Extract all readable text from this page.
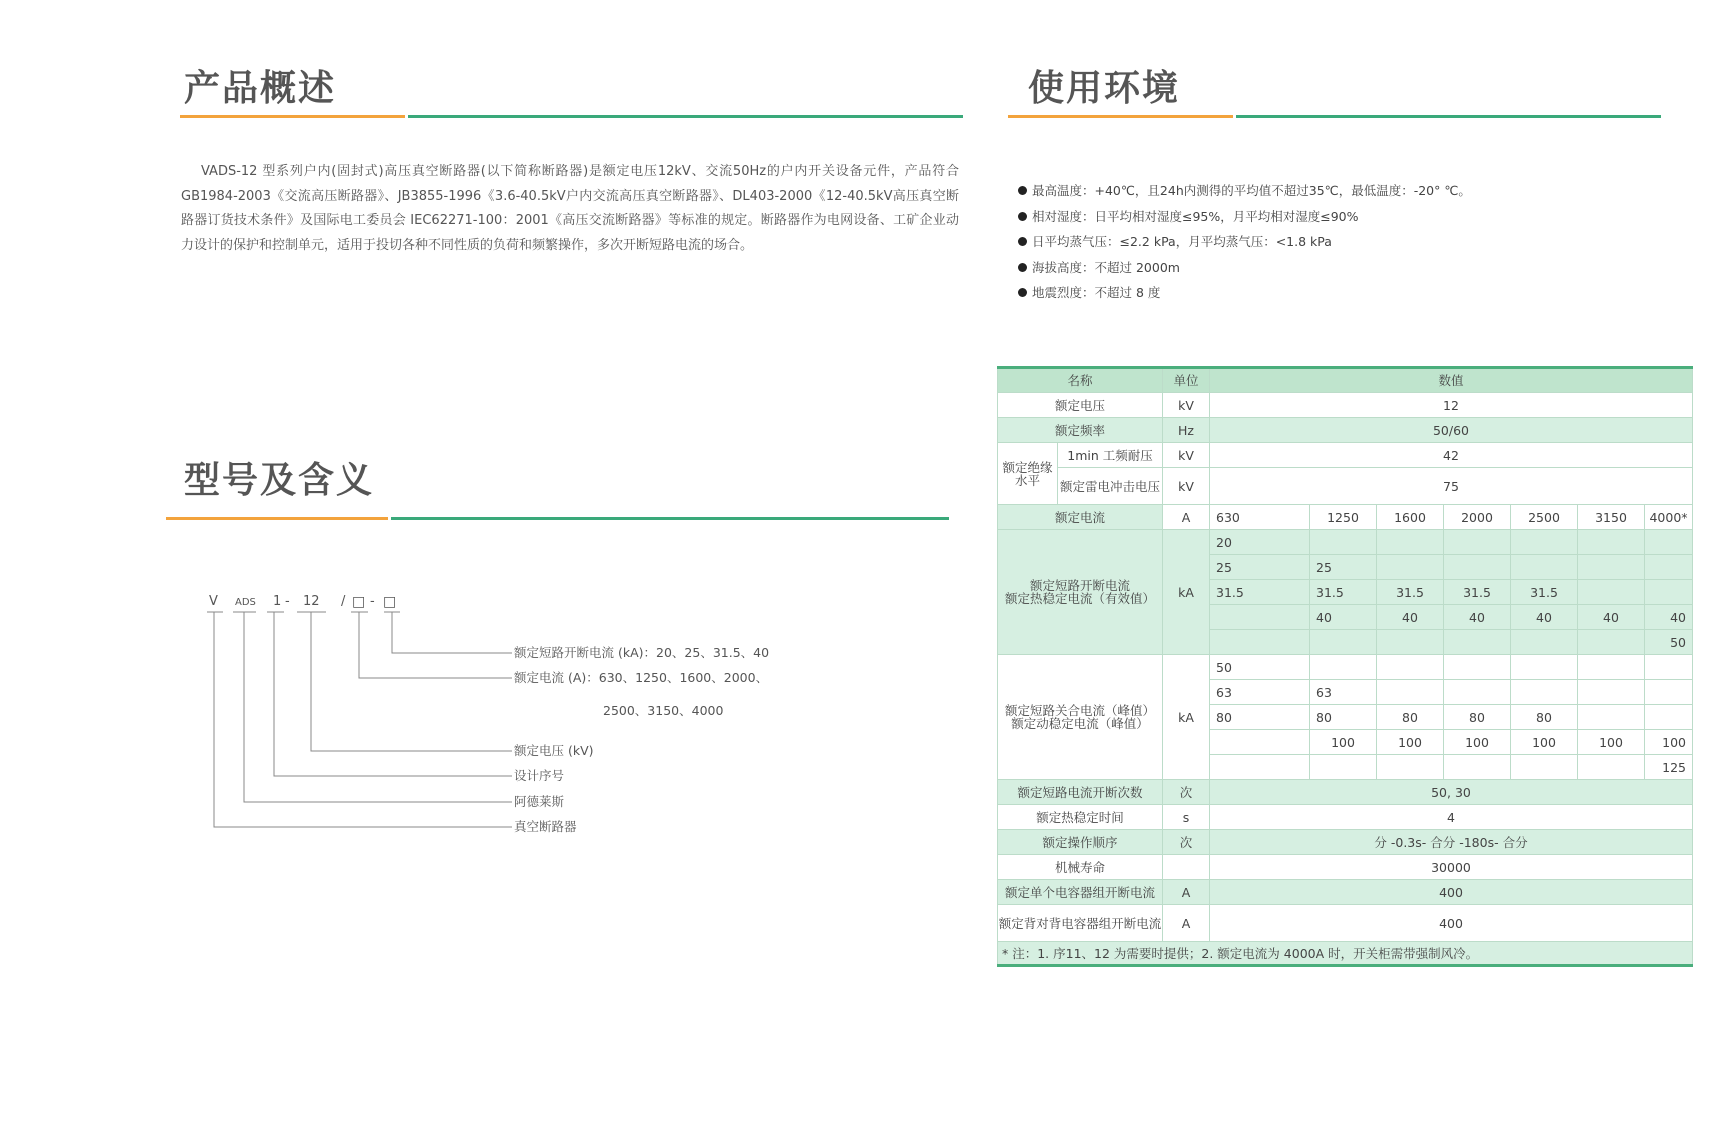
产品概述
VADS-12 型系列户内(固封式)高压真空断路器(以下简称断路器)是额定电压12kV、交流50Hz的户内开关设备元件，产品符合GB1984-2003《交流高压断路器》、JB3855-1996《3.6-40.5kV户内交流高压真空断路器》、DL403-2000《12-40.5kV高压真空断路器订货技术条件》及国际电工委员会 IEC62271-100：2001《高压交流断路器》等标准的规定。断路器作为电网设备、工矿企业动力设计的保护和控制单元，适用于投切各种不同性质的负荷和频繁操作，多次开断短路电流的场合。
使用环境
最高温度：+40℃，且24h内测得的平均值不超过35℃，最低温度：-20° ℃。
相对湿度：日平均相对湿度≤95%，月平均相对湿度≤90%
日平均蒸气压：≤2.2 kPa，月平均蒸气压：<1.8 kPa
海拔高度：不超过 2000m
地震烈度：不超过 8 度
型号及含义
V ADS 1 - 12 / □ - □
额定短路开断电流 (kA)：20、25、31.5、40
额定电流 (A)：630、1250、1600、2000、
2500、3150、4000
额定电压 (kV)
设计序号
阿德莱斯
真空断路器
名称		单位	数值						
额定电压		kV	12						
额定频率		Hz	50/60						
额定绝缘水平	1min 工频耐压	kV	42						
	额定雷电冲击电压	kV	75						
额定电流		A	630	1250	1600	2000	2500	3150	4000*
额定短路开断电流
额定热稳定电流（有效值）		kA	20						
			25	25					
			31.5	31.5	31.5	31.5	31.5		
				40	40	40	40	40	40
									50
额定短路关合电流（峰值）
额定动稳定电流（峰值）		kA	50						
			63	63					
			80	80	80	80	80		
				100	100	100	100	100	100
									125
额定短路电流开断次数		次	50, 30						
额定热稳定时间		s	4						
额定操作顺序		次	分 -0.3s- 合分 -180s- 合分						
机械寿命			30000						
额定单个电容器组开断电流		A	400						
额定背对背电容器组开断电流		A	400						
* 注：1. 序11、12 为需要时提供；2. 额定电流为 4000A 时，开关柜需带强制风冷。									
